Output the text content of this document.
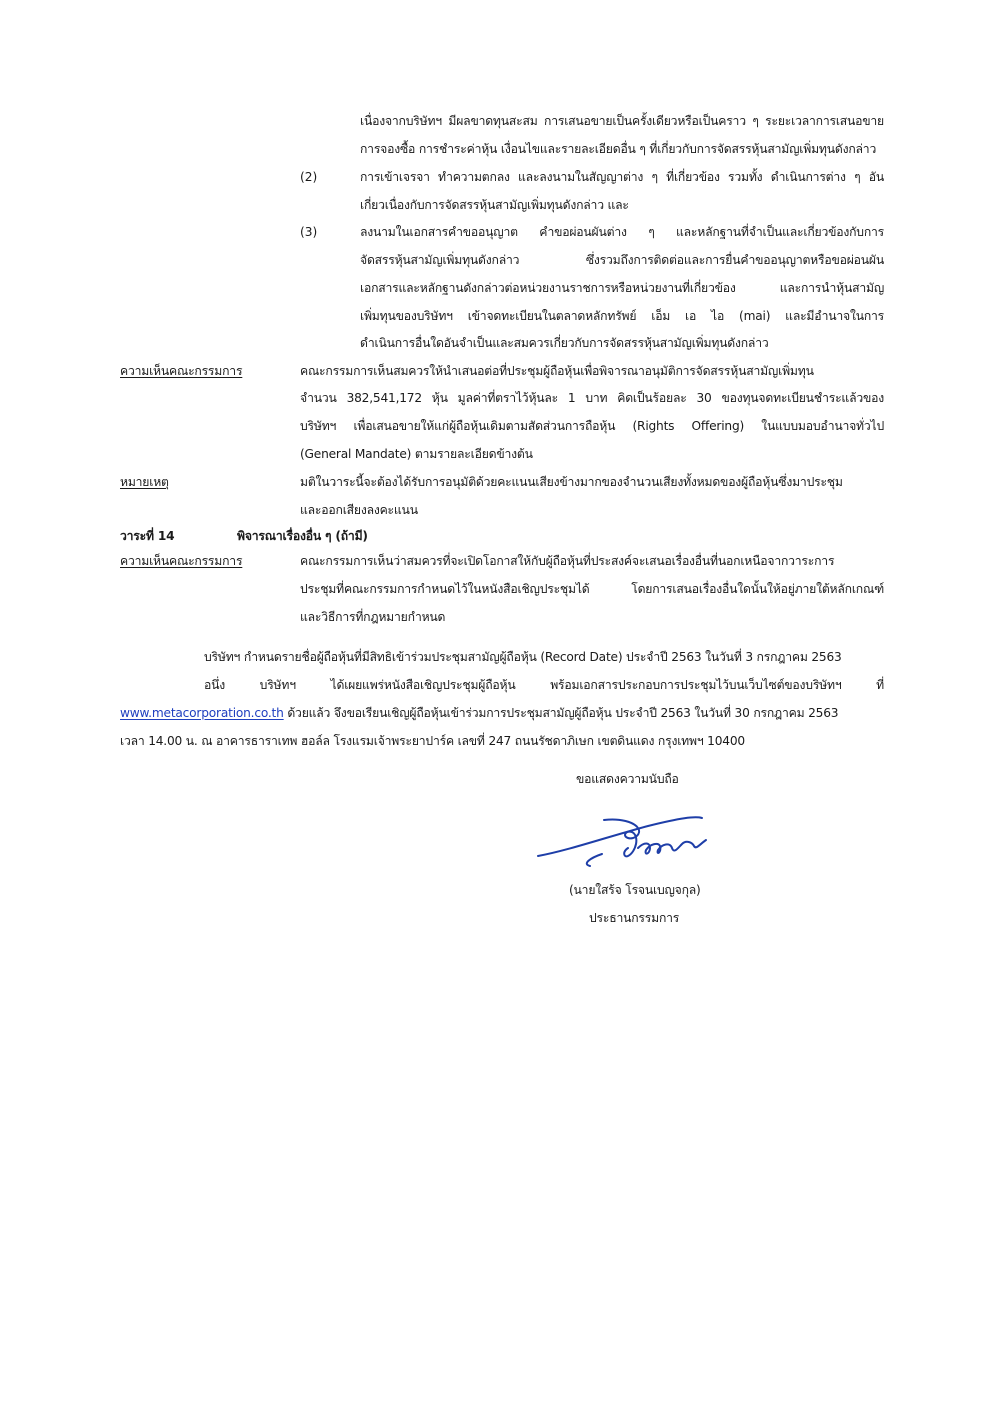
เนื่องจากบริษัทฯ มีผลขาดทุนสะสม การเสนอขายเป็นครั้งเดียวหรือเป็นคราว ๆ ระยะเวลาการเสนอขาย
การจองซื้อ การชำระค่าหุ้น เงื่อนไขและรายละเอียดอื่น ๆ ที่เกี่ยวกับการจัดสรรหุ้นสามัญเพิ่มทุนดังกล่าว
(2)	การเข้าเจรจา ทำความตกลง และลงนามในสัญญาต่าง ๆ ที่เกี่ยวข้อง รวมทั้ง ดำเนินการต่าง ๆ อัน
เกี่ยวเนื่องกับการจัดสรรหุ้นสามัญเพิ่มทุนดังกล่าว และ
(3)	ลงนามในเอกสารคำขออนุญาต คำขอผ่อนผันต่าง ๆ และหลักฐานที่จำเป็นและเกี่ยวข้องกับการ
จัดสรรหุ้นสามัญเพิ่มทุนดังกล่าว ซึ่งรวมถึงการติดต่อและการยื่นคำขออนุญาตหรือขอผ่อนผัน
เอกสารและหลักฐานดังกล่าวต่อหน่วยงานราชการหรือหน่วยงานที่เกี่ยวข้อง และการนำหุ้นสามัญ
เพิ่มทุนของบริษัทฯ เข้าจดทะเบียนในตลาดหลักทรัพย์ เอ็ม เอ ไอ (mai) และมีอำนาจในการ
ดำเนินการอื่นใดอันจำเป็นและสมควรเกี่ยวกับการจัดสรรหุ้นสามัญเพิ่มทุนดังกล่าว
ความเห็นคณะกรรมการ	คณะกรรมการเห็นสมควรให้นำเสนอต่อที่ประชุมผู้ถือหุ้นเพื่อพิจารณาอนุมัติการจัดสรรหุ้นสามัญเพิ่มทุน
จำนวน 382,541,172 หุ้น มูลค่าที่ตราไว้หุ้นละ 1 บาท คิดเป็นร้อยละ 30 ของทุนจดทะเบียนชำระแล้วของ
บริษัทฯ เพื่อเสนอขายให้แก่ผู้ถือหุ้นเดิมตามสัดส่วนการถือหุ้น (Rights Offering) ในแบบมอบอำนาจทั่วไป
(General Mandate) ตามรายละเอียดข้างต้น
หมายเหตุ	มติในวาระนี้จะต้องได้รับการอนุมัติด้วยคะแนนเสียงข้างมากของจำนวนเสียงทั้งหมดของผู้ถือหุ้นซึ่งมาประชุม
และออกเสียงลงคะแนน
วาระที่ 14	พิจารณาเรื่องอื่น ๆ (ถ้ามี)
ความเห็นคณะกรรมการ	คณะกรรมการเห็นว่าสมควรที่จะเปิดโอกาสให้กับผู้ถือหุ้นที่ประสงค์จะเสนอเรื่องอื่นที่นอกเหนือจากวาระการ
ประชุมที่คณะกรรมการกำหนดไว้ในหนังสือเชิญประชุมได้ โดยการเสนอเรื่องอื่นใดนั้นให้อยู่ภายใต้หลักเกณฑ์
และวิธีการที่กฎหมายกำหนด
บริษัทฯ กำหนดรายชื่อผู้ถือหุ้นที่มีสิทธิเข้าร่วมประชุมสามัญผู้ถือหุ้น (Record Date) ประจำปี 2563 ในวันที่ 3 กรกฎาคม 2563
อนึ่ง บริษัทฯ ได้เผยแพร่หนังสือเชิญประชุมผู้ถือหุ้น พร้อมเอกสารประกอบการประชุมไว้บนเว็บไซต์ของบริษัทฯ ที่
www.metacorporation.co.th ด้วยแล้ว จึงขอเรียนเชิญผู้ถือหุ้นเข้าร่วมการประชุมสามัญผู้ถือหุ้น ประจำปี 2563 ในวันที่ 30 กรกฎาคม 2563
เวลา 14.00 น. ณ อาคารธาราเทพ ฮอล์ล โรงแรมเจ้าพระยาปาร์ค เลขที่ 247 ถนนรัชดาภิเษก เขตดินแดง กรุงเทพฯ 10400
ขอแสดงความนับถือ
(นายใสร้จ โรจนเบญจกุล)
ประธานกรรมการ
